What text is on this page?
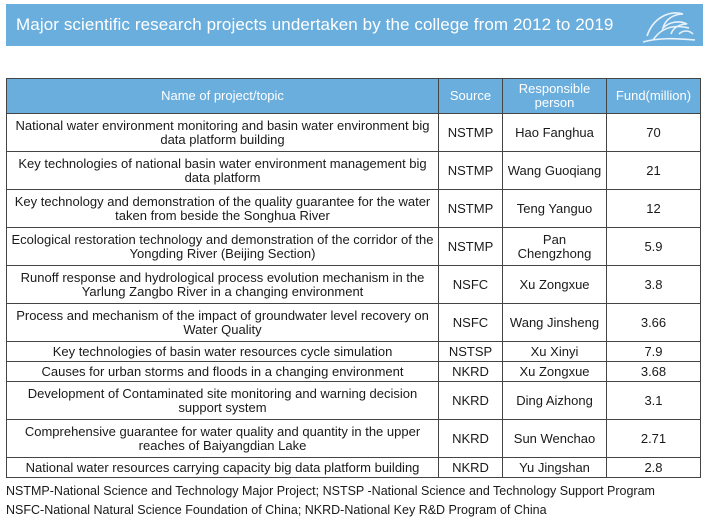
Major scientific research projects undertaken by the college from 2012 to 2019
Name of project/topic	Source	Responsible person	Fund(million)
National water environment monitoring and basin water environment big data platform building	NSTMP	Hao Fanghua	70
Key technologies of national basin water environment management big data platform	NSTMP	Wang Guoqiang	21
Key technology and demonstration of the quality guarantee for the water taken from beside the Songhua River	NSTMP	Teng Yanguo	12
Ecological restoration technology and demonstration of the corridor of the Yongding River (Beijing Section)	NSTMP	Pan Chengzhong	5.9
Runoff response and hydrological process evolution mechanism in the Yarlung Zangbo River in a changing environment	NSFC	Xu Zongxue	3.8
Process and mechanism of the impact of groundwater level recovery on Water Quality	NSFC	Wang Jinsheng	3.66
Key technologies of basin water resources cycle simulation	NSTSP	Xu Xinyi	7.9
Causes for urban storms and floods in a changing environment	NKRD	Xu Zongxue	3.68
Development of Contaminated site monitoring and warning decision support system	NKRD	Ding Aizhong	3.1
Comprehensive guarantee for water quality and quantity in the upper reaches of Baiyangdian Lake	NKRD	Sun Wenchao	2.71
National water resources carrying capacity big data platform building	NKRD	Yu Jingshan	2.8
NSTMP-National Science and Technology Major Project; NSTSP -National Science and Technology Support Program
NSFC-National Natural Science Foundation of China; NKRD-National Key R&D Program of China
